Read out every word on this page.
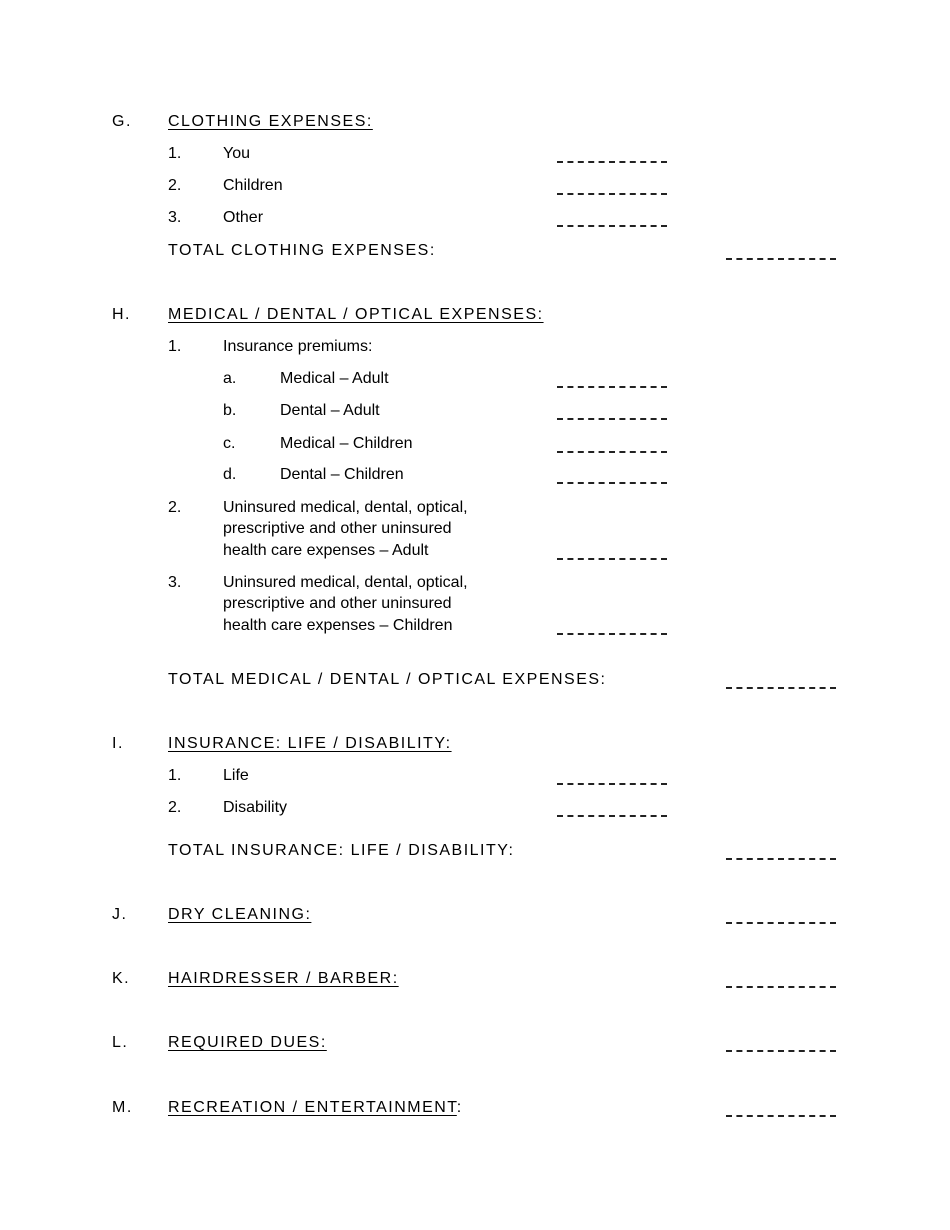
G. CLOTHING EXPENSES:
1.	You
2.	Children
3.	Other
TOTAL CLOTHING EXPENSES:
H. MEDICAL / DENTAL / OPTICAL EXPENSES:
1.	Insurance premiums:
a.	Medical – Adult
b.	Dental – Adult
c.	Medical – Children
d.	Dental – Children
2.	Uninsured medical, dental, optical,
prescriptive and other uninsured
health care expenses – Adult
3.	Uninsured medical, dental, optical,
prescriptive and other uninsured
health care expenses – Children
TOTAL MEDICAL / DENTAL / OPTICAL EXPENSES:
I.	INSURANCE: LIFE / DISABILITY:
1.	Life
2.	Disability
TOTAL INSURANCE: LIFE / DISABILITY:
J.	DRY CLEANING:
K. HAIRDRESSER / BARBER:
L. REQUIRED DUES:
M. RECREATION / ENTERTAINMENT:
